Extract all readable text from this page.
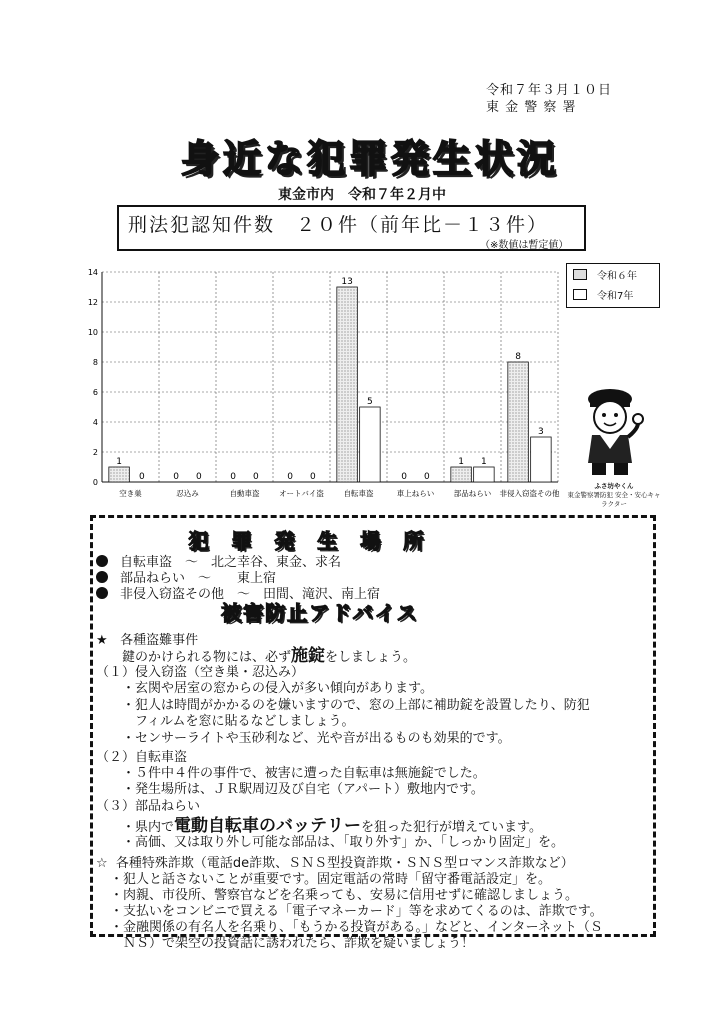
令和７年３月１０日
東 金 警 察 署
身近な犯罪発生状況
東金市内　令和７年２月中
刑法犯認知件数　２０件（前年比－１３件）
（※数値は暫定値）
0
2
4
6
8
10
12
14
1
0
空き巣
0 0
忍込み
0 0
自動車盗
0 0
オートバイ盗
13
5
自転車盗
0 0
車上ねらい
1 1
部品ねらい
8
3
非侵入窃盗その他
令和６年
令和7年
ふさ坊やくん
東金警察署防犯 安全・安心キャラクター
犯 罪 発 生 場 所
自転車盗　～　北之幸谷、東金、求名
部品ねらい　～　　東上宿
非侵入窃盗その他　～　田間、滝沢、南上宿
被害防止アドバイス
★   各種盗難事件
鍵のかけられる物には、必ず施錠をしましょう。
（１）侵入窃盗（空き巣・忍込み）
・玄関や居室の窓からの侵入が多い傾向があります。
・犯人は時間がかかるのを嫌いますので、窓の上部に補助錠を設置したり、防犯
　フィルムを窓に貼るなどしましょう。
・センサーライトや玉砂利など、光や音が出るものも効果的です。
（２）自転車盗
・５件中４件の事件で、被害に遭った自転車は無施錠でした。
・発生場所は、ＪＲ駅周辺及び自宅（アパート）敷地内です。
（３）部品ねらい
・県内で電動自転車のバッテリーを狙った犯行が増えています。
・高価、又は取り外し可能な部品は、「取り外す」か、「しっかり固定」を。
☆  各種特殊詐欺（電話de詐欺、ＳＮＳ型投資詐欺・ＳＮＳ型ロマンス詐欺など）
・犯人と話さないことが重要です。固定電話の常時「留守番電話設定」を。
・肉親、市役所、警察官などを名乗っても、安易に信用せずに確認しましょう。
・支払いをコンビニで買える「電子マネーカード」等を求めてくるのは、詐欺です。
・金融関係の有名人を名乗り、「もうかる投資がある。」などと、インターネット（Ｓ
　ＮＳ）で架空の投資話に誘われたら、詐欺を疑いましょう！
